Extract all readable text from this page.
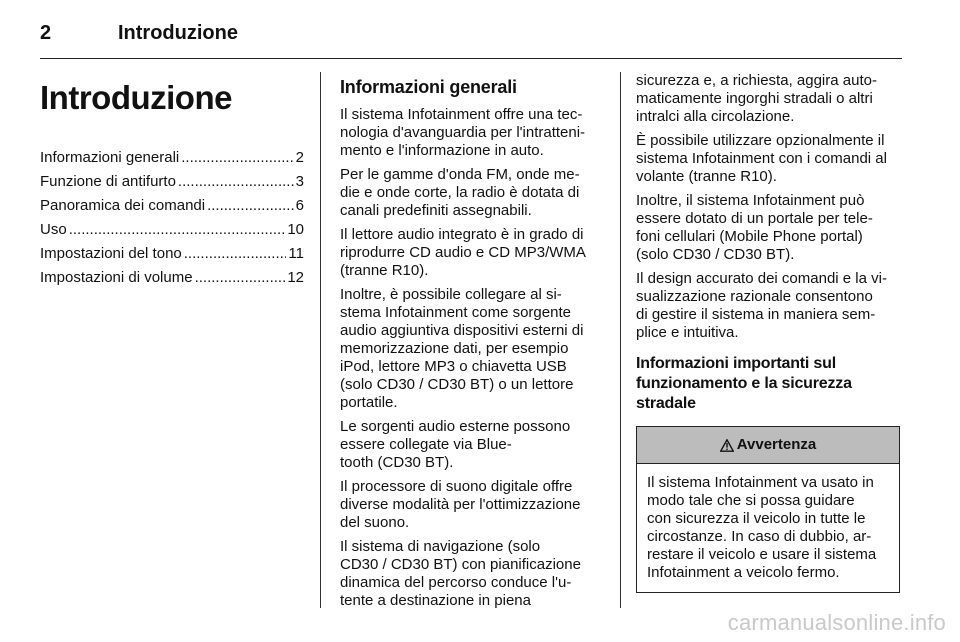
2	Introduzione
Introduzione
Informazioni generali .....	2
Funzione di antifurto .....	3
Panoramica dei comandi .....	6
Uso .....	10
Impostazioni del tono .....	11
Impostazioni di volume .....	12
Informazioni generali

Il sistema Infotainment offre una tec-
nologia d'avanguardia per l'intratteni-
mento e l'informazione in auto.

Per le gamme d'onda FM, onde me-
die e onde corte, la radio è dotata di
canali predefiniti assegnabili.

Il lettore audio integrato è in grado di
riprodurre CD audio e CD MP3/WMA
(tranne R10).

Inoltre, è possibile collegare al si-
stema Infotainment come sorgente
audio aggiuntiva dispositivi esterni di
memorizzazione dati, per esempio
iPod, lettore MP3 o chiavetta USB
(solo CD30 / CD30 BT) o un lettore
portatile.

Le sorgenti audio esterne possono
essere collegate via Blue-
tooth (CD30 BT).

Il processore di suono digitale offre
diverse modalità per l'ottimizzazione
del suono.

Il sistema di navigazione (solo
CD30 / CD30 BT) con pianificazione
dinamica del percorso conduce l'u-
tente a destinazione in piena

sicurezza e, a richiesta, aggira auto-
maticamente ingorghi stradali o altri
intralci alla circolazione.

È possibile utilizzare opzionalmente il
sistema Infotainment con i comandi al
volante (tranne R10).

Inoltre, il sistema Infotainment può
essere dotato di un portale per tele-
foni cellulari (Mobile Phone portal)
(solo CD30 / CD30 BT).

Il design accurato dei comandi e la vi-
sualizzazione razionale consentono
di gestire il sistema in maniera sem-
plice e intuitiva.

Informazioni importanti sul
funzionamento e la sicurezza
stradale
Avvertenza
Il sistema Infotainment va usato in
modo tale che si possa guidare
con sicurezza il veicolo in tutte le
circostanze. In caso di dubbio, ar-
restare il veicolo e usare il sistema
Infotainment a veicolo fermo.
carmanualsonline.info
